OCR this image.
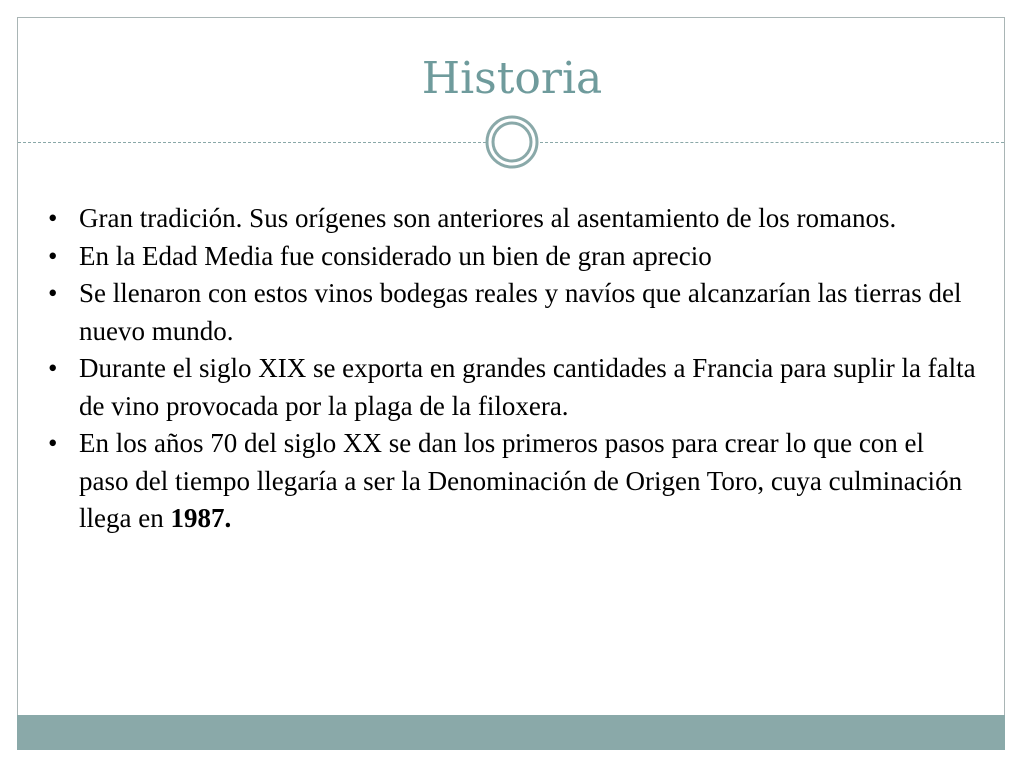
Historia
• Gran tradición. Sus orígenes son anteriores al asentamiento de los romanos.
• En la Edad Media fue considerado un bien de gran aprecio
• Se llenaron con estos vinos bodegas reales y navíos que alcanzarían las tierras del nuevo mundo.
• Durante el siglo XIX se exporta en grandes cantidades a Francia para suplir la falta de vino provocada por la plaga de la filoxera.
• En los años 70 del siglo XX se dan los primeros pasos para crear lo que con el paso del tiempo llegaría a ser la Denominación de Origen Toro, cuya culminación llega en 1987.
